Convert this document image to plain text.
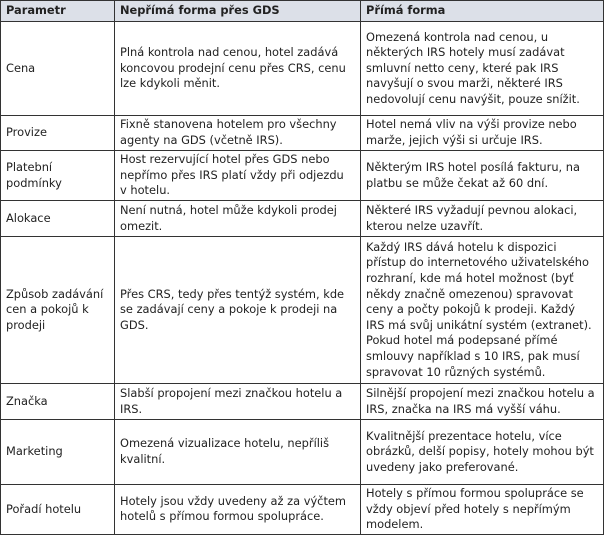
Parametr	Nepřímá forma přes GDS	Přímá forma
Cena	Plná kontrola nad cenou, hotel zadává koncovou prodejní cenu přes CRS, cenu lze kdykoli měnit.	Omezená kontrola nad cenou, u některých IRS hotely musí zadávat smluvní netto ceny, které pak IRS navyšují o svou marži, některé IRS nedovolují cenu navýšit, pouze snížit.
Provize	Fixně stanovena hotelem pro všechny agenty na GDS (včetně IRS).	Hotel nemá vliv na výši provize nebo marže, jejich výši si určuje IRS.
Platební podmínky	Host rezervující hotel přes GDS nebo nepřímo přes IRS platí vždy při odjezdu v hotelu.	Některým IRS hotel posílá fakturu, na platbu se může čekat až 60 dní.
Alokace	Není nutná, hotel může kdykoli prodej omezit.	Některé IRS vyžadují pevnou alokaci, kterou nelze uzavřít.
Způsob zadávání cen a pokojů k prodeji	Přes CRS, tedy přes tentýž systém, kde se zadávají ceny a pokoje k prodeji na GDS.	Každý IRS dává hotelu k dispozici přístup do internetového uživatelského rozhraní, kde má hotel možnost (byť někdy značně omezenou) spravovat ceny a počty pokojů k prodeji. Každý IRS má svůj unikátní systém (extranet). Pokud hotel má podepsané přímé smlouvy například s 10 IRS, pak musí spravovat 10 různých systémů.
Značka	Slabší propojení mezi značkou hotelu a IRS.	Silnější propojení mezi značkou hotelu a IRS, značka na IRS má vyšší váhu.
Marketing	Omezená vizualizace hotelu, nepříliš kvalitní.	Kvalitnější prezentace hotelu, více obrázků, delší popisy, hotely mohou být uvedeny jako preferované.
Pořadí hotelu	Hotely jsou vždy uvedeny až za výčtem hotelů s přímou formou spolupráce.	Hotely s přímou formou spolupráce se vždy objeví před hotely s nepřímým modelem.
